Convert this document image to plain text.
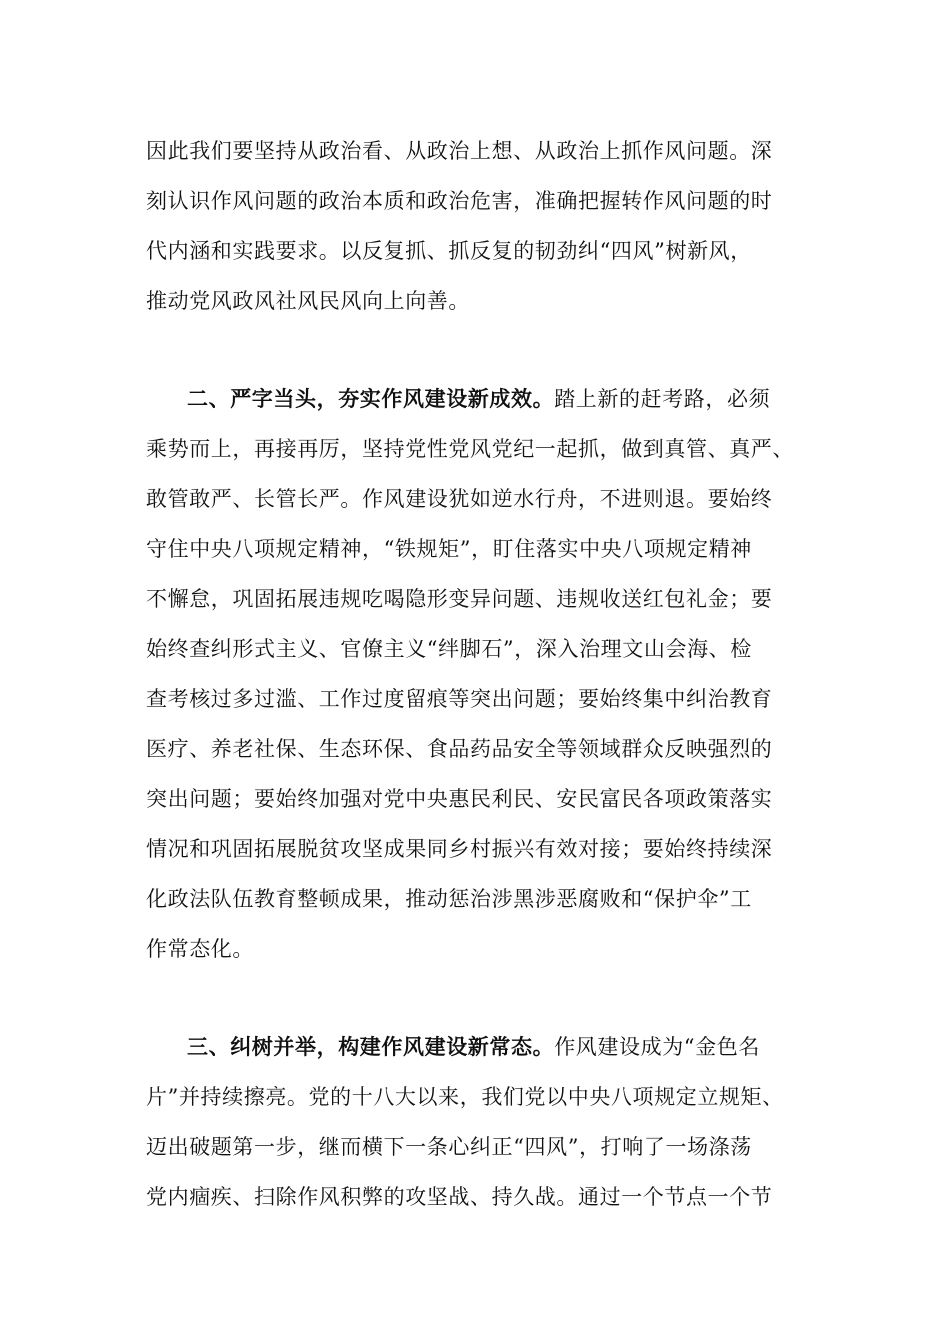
因此我们要坚持从政治看、从政治上想、从政治上抓作风问题。深
刻认识作风问题的政治本质和政治危害，准确把握转作风问题的时
代内涵和实践要求。以反复抓、抓反复的韧劲纠“四风”树新风，
推动党风政风社风民风向上向善。
二、严字当头，夯实作风建设新成效。踏上新的赶考路，必须
乘势而上，再接再厉，坚持党性党风党纪一起抓，做到真管、真严、
敢管敢严、长管长严。作风建设犹如逆水行舟，不进则退。要始终
守住中央八项规定精神，“铁规矩”，盯住落实中央八项规定精神
不懈怠，巩固拓展违规吃喝隐形变异问题、违规收送红包礼金；要
始终查纠形式主义、官僚主义“绊脚石”，深入治理文山会海、检
查考核过多过滥、工作过度留痕等突出问题；要始终集中纠治教育
医疗、养老社保、生态环保、食品药品安全等领域群众反映强烈的
突出问题；要始终加强对党中央惠民利民、安民富民各项政策落实
情况和巩固拓展脱贫攻坚成果同乡村振兴有效对接；要始终持续深
化政法队伍教育整顿成果，推动惩治涉黑涉恶腐败和“保护伞”工
作常态化。
三、纠树并举，构建作风建设新常态。作风建设成为“金色名
片”并持续擦亮。党的十八大以来，我们党以中央八项规定立规矩、
迈出破题第一步，继而横下一条心纠正“四风”，打响了一场涤荡
党内痼疾、扫除作风积弊的攻坚战、持久战。通过一个节点一个节
